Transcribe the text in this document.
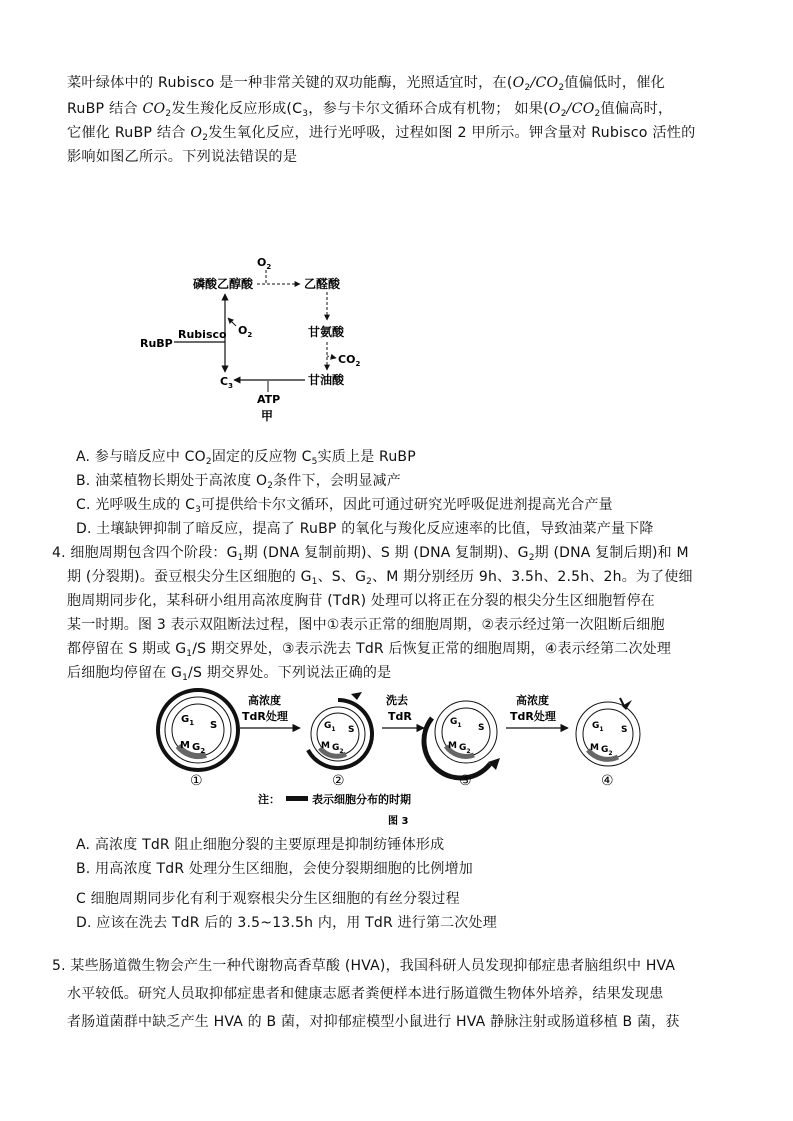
菜叶绿体中的 Rubisco 是一种非常关键的双功能酶，光照适宜时，在($O_2/CO_2$值偏低时，催化
RuBP 结合 $CO_2$发生羧化反应形成($C_3$，参与卡尔文循环合成有机物； 如果($O_2/CO_2$值偏高时，
它催化 RuBP 结合 $O_2$发生氧化反应，进行光呼吸，过程如图 2 甲所示。钾含量对 Rubisco 活性的
影响如图乙所示。下列说法错误的是
$O_2$
磷酸乙醇酸	乙醛酸
$O_2$
RuBP
Rubisco	甘氨酸
$CO_2$
甘油酸
$C_3$
ATP
甲
A. 参与暗反应中 $CO_2$固定的反应物 $C_5$实质上是 RuBP
B. 油菜植物长期处于高浓度 $O_2$条件下，会明显减产
C. 光呼吸生成的 $C_3$可提供给卡尔文循环，因此可通过研究光呼吸促进剂提高光合产量
D. 土壤缺钾抑制了暗反应，提高了 RuBP 的氧化与羧化反应速率的比值，导致油菜产量下降
4. 细胞周期包含四个阶段：$G_1$期 (DNA 复制前期)、S 期 (DNA 复制期)、$G_2$期 (DNA 复制后期)和 M
期 (分裂期)。蚕豆根尖分生区细胞的 $G_1$、S、$G_2$、M 期分别经历 9h、3.5h、2.5h、2h。为了使细
胞周期同步化，某科研小组用高浓度胸苷 (TdR) 处理可以将正在分裂的根尖分生区细胞暂停在
某一时期。图 3 表示双阻断法过程，图中①表示正常的细胞周期，②表示经过第一次阻断后细胞
都停留在 S 期或 $G_1/S$ 期交界处，③表示洗去 TdR 后恢复正常的细胞周期，④表示经第二次处理
后细胞均停留在 $G_1/S$ 期交界处。下列说法正确的是
$G_1$ S
M $G_2$
①
高浓度
TdR处理
$G_1$ S
M $G_2$
②
洗去
TdR	$G_1$ S
M $G_2$
③
高浓度
TdR处理
$G_1$ S
M $G_2$
④
注：	表示细胞分布的时期
图 3
A. 高浓度 TdR 阻止细胞分裂的主要原理是抑制纺锤体形成
B. 用高浓度 TdR 处理分生区细胞，会使分裂期细胞的比例增加
C 细胞周期同步化有利于观察根尖分生区细胞的有丝分裂过程
D. 应该在洗去 TdR 后的 3.5~13.5h 内，用 TdR 进行第二次处理
5. 某些肠道微生物会产生一种代谢物高香草酸 (HVA)，我国科研人员发现抑郁症患者脑组织中 HVA
水平较低。研究人员取抑郁症患者和健康志愿者粪便样本进行肠道微生物体外培养，结果发现患
者肠道菌群中缺乏产生 HVA 的 B 菌，对抑郁症模型小鼠进行 HVA 静脉注射或肠道移植 B 菌，获
